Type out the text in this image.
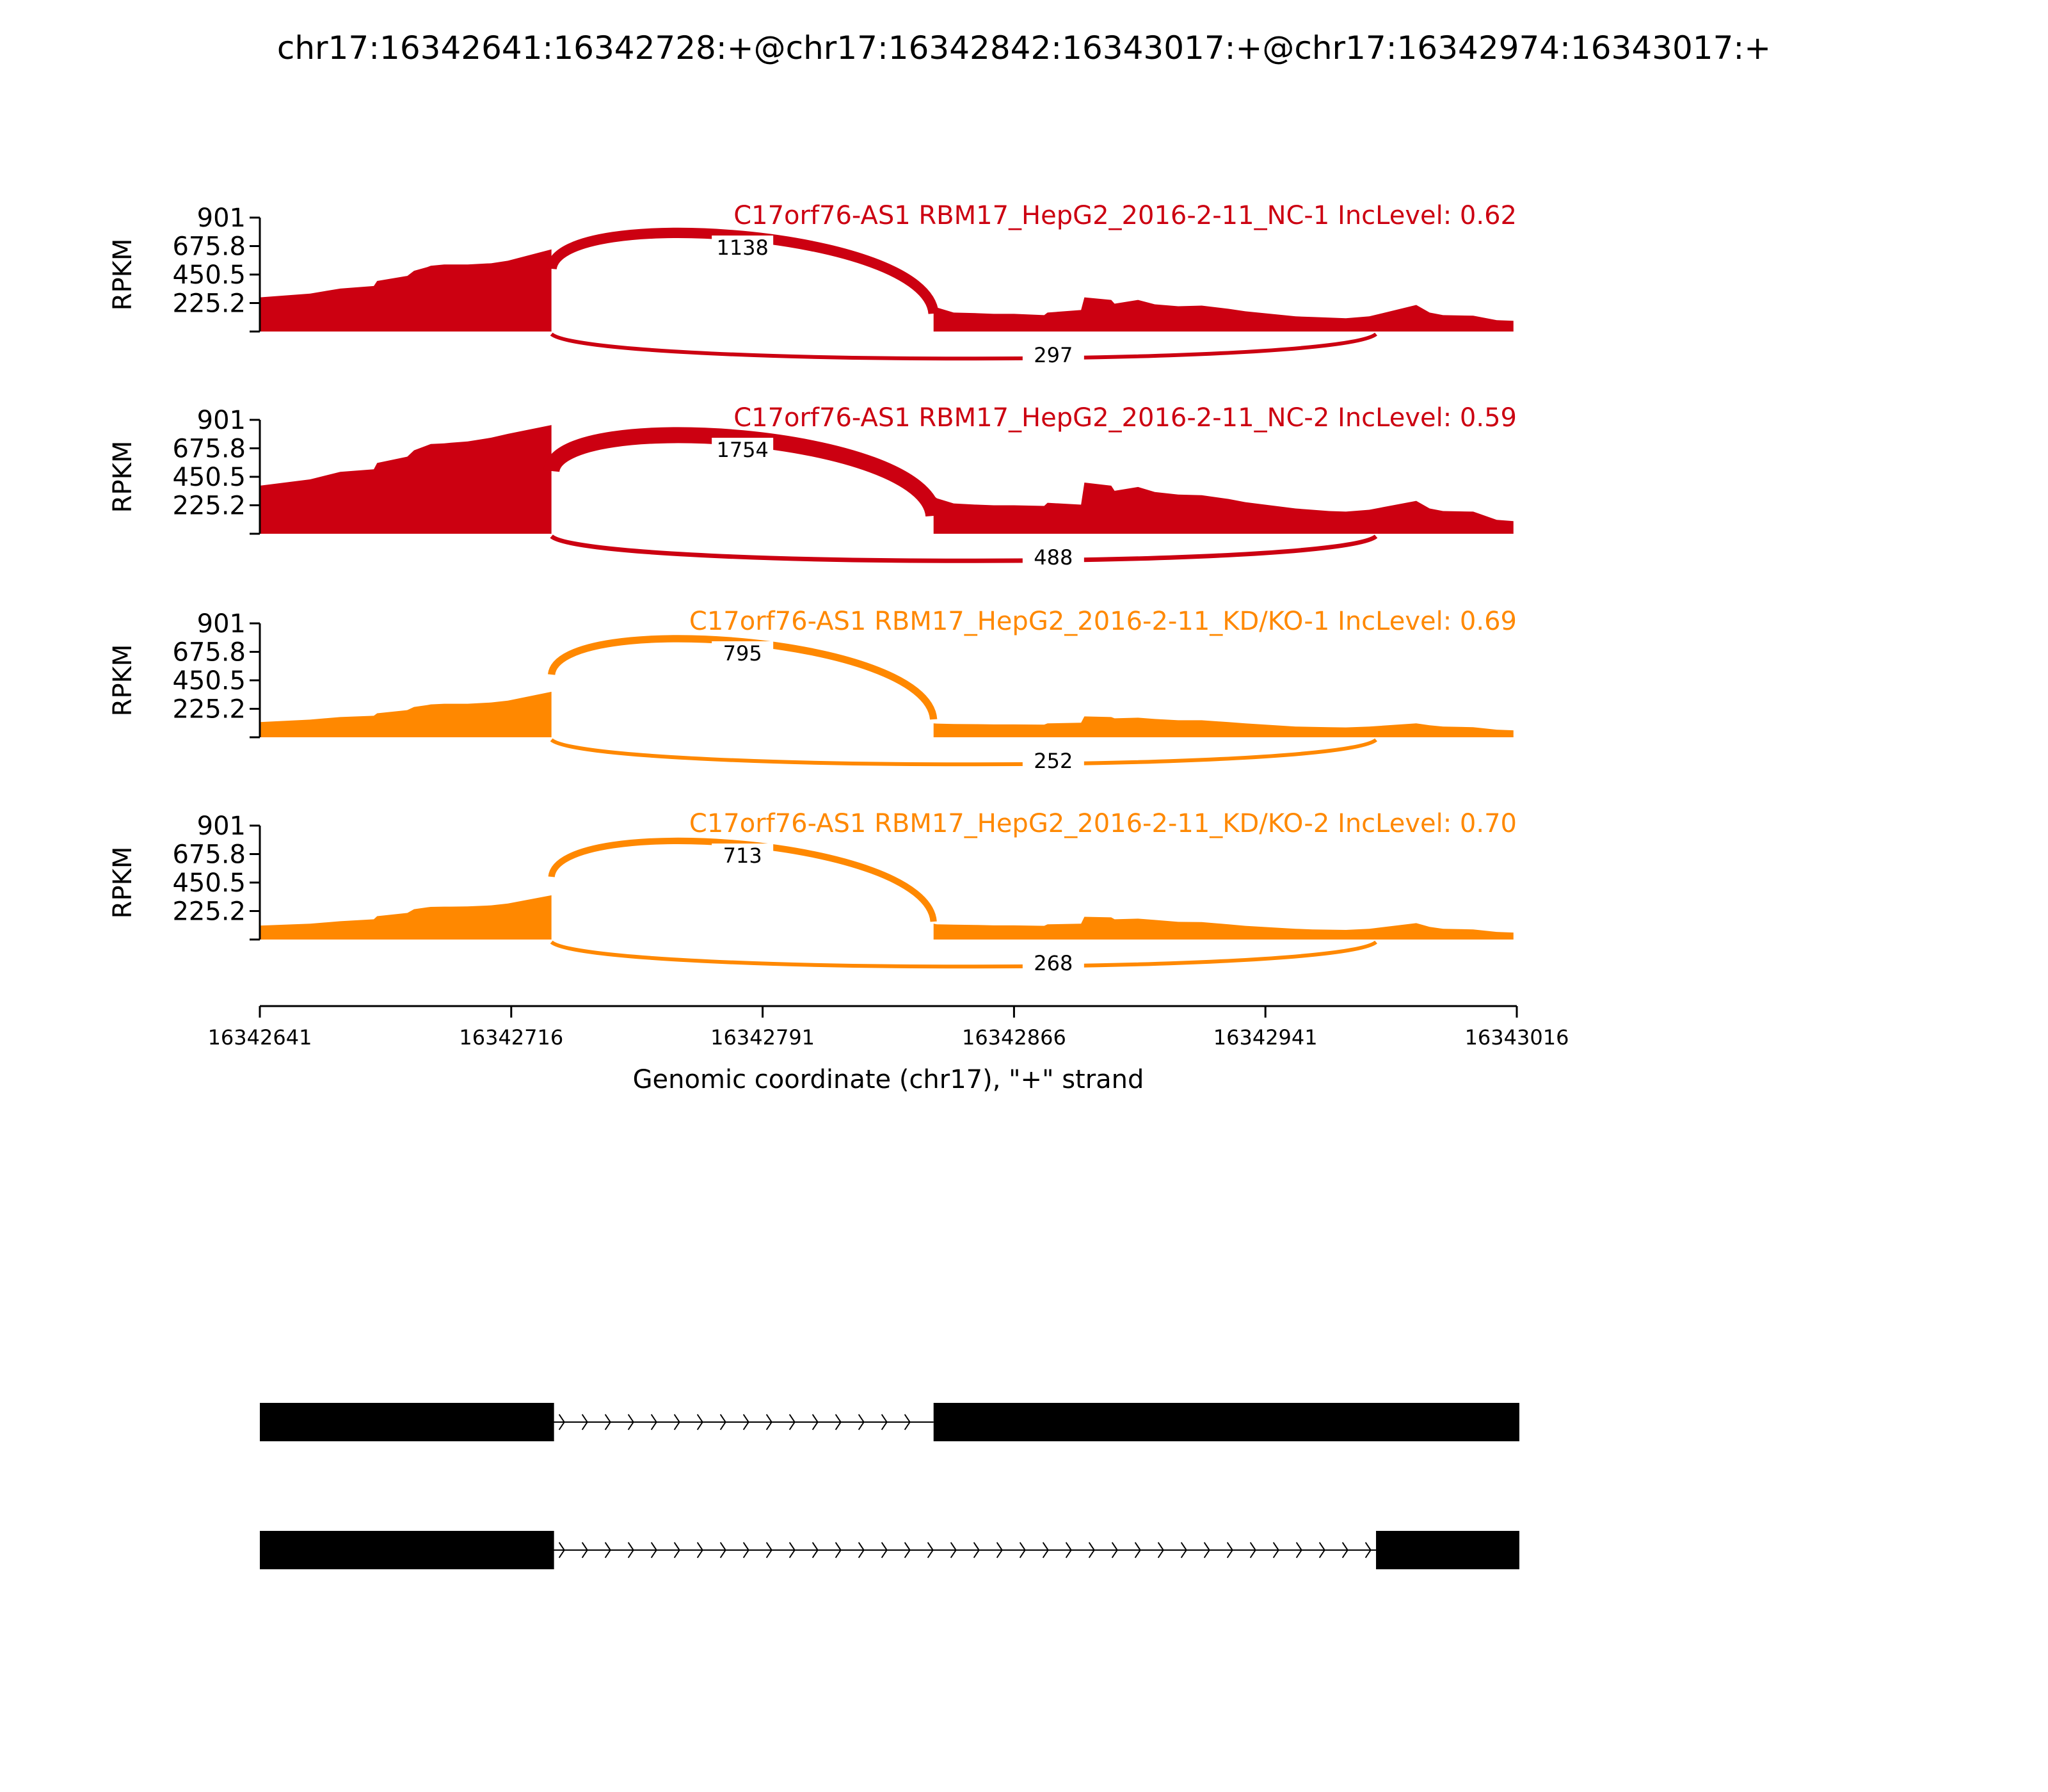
chr17:16342641:16342728:+@chr17:16342842:16343017:+@chr17:16342974:16343017:+
225.2
450.5
675.8
901
RPKM
C17orf76-AS1 RBM17_HepG2_2016-2-11_NC-1 IncLevel: 0.62
1138
297
225.2
450.5
675.8
901
RPKM
C17orf76-AS1 RBM17_HepG2_2016-2-11_NC-2 IncLevel: 0.59
1754
488
225.2
450.5
675.8
901
RPKM
C17orf76-AS1 RBM17_HepG2_2016-2-11_KD/KO-1 IncLevel: 0.69
795
252
225.2
450.5
675.8
901
RPKM
C17orf76-AS1 RBM17_HepG2_2016-2-11_KD/KO-2 IncLevel: 0.70
713
268
16342641	16342716	16342791	16342866	16342941	16343016
Genomic coordinate (chr17), "+" strand
